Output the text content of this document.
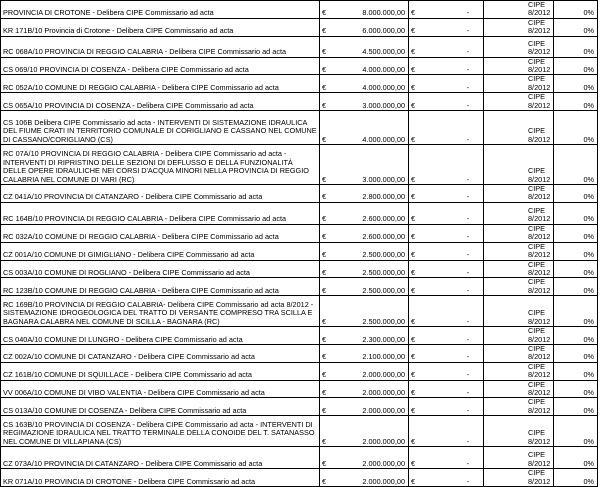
PROVINCIA DI CROTONE - Delibera CIPE Commissario ad acta	€	8.000.000,00	€	-	CIPE 8/2012	0%
KR 171B/10 Provincia di Crotone - Delibera CIPE Commissario ad acta	€	6.000.000,00	€	-	CIPE 8/2012	0%
RC 068A/10 PROVINCIA DI REGGIO CALABRIA - Delibera CIPE Commissario ad acta	€	4.500.000,00	€	-	CIPE 8/2012	0%
CS 069/10 PROVINCIA DI COSENZA - Delibera CIPE Commissario ad acta	€	4.000.000,00	€	-	CIPE 8/2012	0%
RC 052A/10 COMUNE DI REGGIO CALABRIA - Delibera CIPE Commissario ad acta	€	4.000.000,00	€	-	CIPE 8/2012	0%
CS 065A/10 PROVINCIA DI COSENZA - Delibera CIPE Commissario ad acta	€	3.000.000,00	€	-	CIPE 8/2012	0%
CS 106B Delibera CIPE Commissario ad acta - INTERVENTI DI SISTEMAZIONE IDRAULICA DEL FIUME CRATI IN TERRITORIO COMUNALE DI CORIGLIANO E CASSANO NEL COMUNE DI CASSANO/CORIGLIANO (CS)	€	4.000.000,00	€	-	CIPE 8/2012	0%
RC 07A/10 PROVINCIA DI REGGIO CALABRIA - Delibera CIPE Commissario ad acta - INTERVENTI DI RIPRISTINO DELLE SEZIONI DI DEFLUSSO E DELLA FUNZIONALITÀ DELLE OPERE IDRAULICHE NEI CORSI D'ACQUA MINORI NELLA PROVINCIA DI REGGIO CALABRIA NEL COMUNE DI VARI (RC)	€	3.000.000,00	€	-	CIPE 8/2012	0%
CZ 041A/10 PROVINCIA DI CATANZARO - Delibera CIPE Commissario ad acta	€	2.800.000,00	€	-	CIPE 8/2012	0%
RC 164B/10 PROVINCIA DI REGGIO CALABRIA - Delibera CIPE Commissario ad acta	€	2.600.000,00	€	-	CIPE 8/2012	0%
RC 032A/10 COMUNE DI REGGIO CALABRIA - Delibera CIPE Commissario ad acta	€	2.600.000,00	€	-	CIPE 8/2012	0%
CZ 001A/10 COMUNE DI GIMIGLIANO - Delibera CIPE Commissario ad acta	€	2.500.000,00	€	-	CIPE 8/2012	0%
CS 003A/10 COMUNE DI ROGLIANO - Delibera CIPE Commissario ad acta	€	2.500.000,00	€	-	CIPE 8/2012	0%
RC 123B/10 COMUNE DI REGGIO CALABRIA - Delibera CIPE Commissario ad acta	€	2.500.000,00	€	-	CIPE 8/2012	0%
RC 169B/10 PROVINCIA DI REGGIO CALABRIA- Delibera CIPE Commissario ad acta 8/2012 - SISTEMAZIONE IDROGEOLOGICA DEL TRATTO DI VERSANTE COMPRESO TRA SCILLA E BAGNARA CALABRA NEL COMUNE DI SCILLA - BAGNARA (RC)	€	2.500.000,00	€	-	CIPE 8/2012	0%
CS 040A/10 COMUNE DI LUNGRO - Delibera CIPE Commissario ad acta	€	2.300.000,00	€	-	CIPE 8/2012	0%
CZ 002A/10 COMUNE DI CATANZARO - Delibera CIPE Commissario ad acta	€	2.100.000,00	€	-	CIPE 8/2012	0%
CZ 161B/10 COMUNE DI SQUILLACE - Delibera CIPE Commissario ad acta	€	2.000.000,00	€	-	CIPE 8/2012	0%
VV 006A/10 COMUNE DI VIBO VALENTIA - Delibera CIPE Commissario ad acta	€	2.000.000,00	€	-	CIPE 8/2012	0%
CS 013A/10 COMUNE DI COSENZA - Delibera CIPE Commissario ad acta	€	2.000.000,00	€	-	CIPE 8/2012	0%
CS 163B/10 PROVINCIA DI COSENZA - Delibera CIPE Commissario ad acta - INTERVENTI DI REGIMAZIONE IDRAULICA NEL TRATTO TERMINALE DELLA CONOIDE DEL T. SATANASSO NEL COMUNE DI VILLAPIANA (CS)	€	2.000.000,00	€	-	CIPE 8/2012	0%
CZ 073A/10 PROVINCIA DI CATANZARO - Delibera CIPE Commissario ad acta	€	2.000.000,00	€	-	CIPE 8/2012	0%
KR 071A/10 PROVINCIA DI CROTONE - Delibera CIPE Commissario ad acta	€	2.000.000,00	€	-	CIPE 8/2012	0%
